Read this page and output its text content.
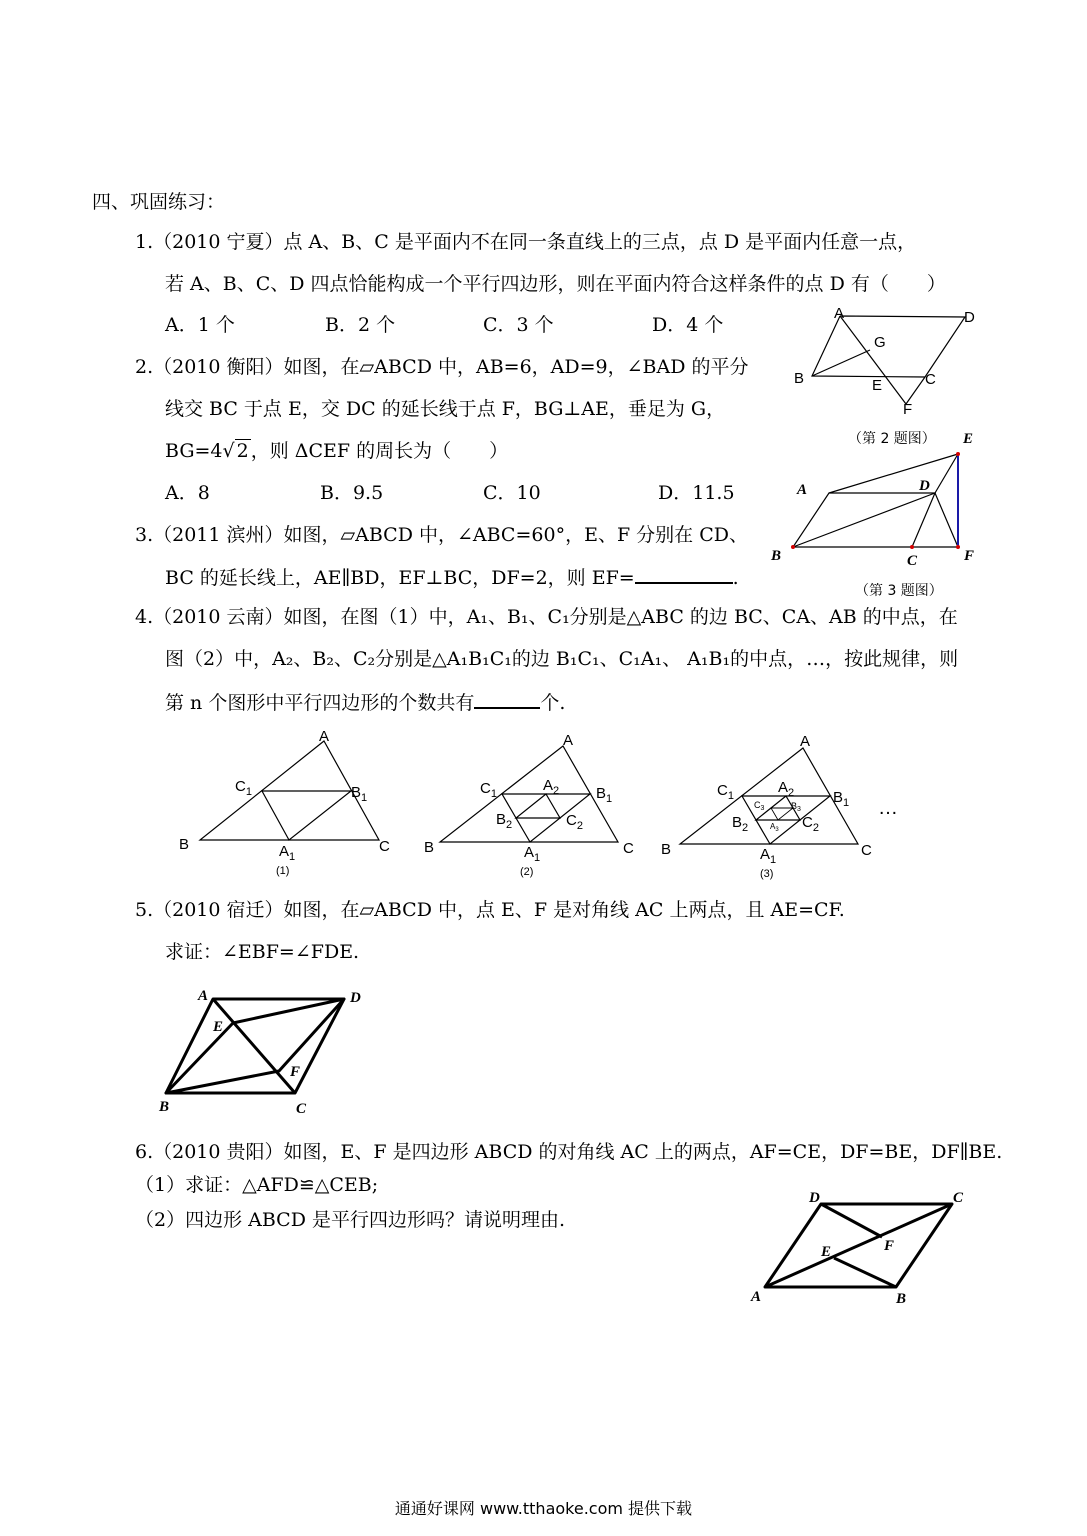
四、巩固练习：
1.（2010 宁夏）点 A、B、C 是平面内不在同一条直线上的三点，点 D 是平面内任意一点，
若 A、B、C、D 四点恰能构成一个平行四边形，则在平面内符合这样条件的点 D 有（　　）
A．1 个	B．2 个	C．3 个	D．4 个
2.（2010 衡阳）如图，在▱ABCD 中，AB=6，AD=9，∠BAD 的平分
线交 BC 于点 E，交 DC 的延长线于点 F，BG⊥AE，垂足为 G，
BG=4√ 2 ，则 ΔCEF 的周长为（　　）
A．8	B．9.5	C．10	D．11.5
A	D
G
B	E	C
F
（第 2 题图）
3.（2011 滨州）如图，▱ABCD 中，∠ABC=60°，E、F 分别在 CD、
BC 的延长线上，AE∥BD，EF⊥BC，DF=2，则 EF=	.
A	D
E
B	C	F
（第 3 题图）
4.（2010 云南）如图，在图（1）中，A₁、B₁、C₁分别是△ABC 的边 BC、CA、AB 的中点，在
图（2）中，A₂、B₂、C₂分别是△A₁B₁C₁的边 B₁C₁、C₁A₁、 A₁B₁的中点，…，按此规律，则
第 n 个图形中平行四边形的个数共有	个.
A
$C_1$	$B_1$
B	C
$A_1$
(1)
A
$C_1$	$A_2$ $B_1$
$B_2$	$C_2$
B	C
$A_1$
(2)
A
$C_1$	$A_2$	$B_1$
$C_3$	$B_3$
$A_3$
$B_2$	$C_2$
B	C
$A_1$
(3)
…
5.（2010 宿迁）如图，在▱ABCD 中，点 E、F 是对角线 AC 上两点，且 AE=CF.
求证：∠EBF=∠FDE.
A	D
E
F
B	C
6.（2010 贵阳）如图，E、F 是四边形 ABCD 的对角线 AC 上的两点，AF=CE，DF=BE，DF∥BE.
（1）求证：△AFD≌△CEB;
（2）四边形 ABCD 是平行四边形吗？请说明理由.
D	C
F
E
A	B
通通好课网 www.tthaoke.com 提供下载
